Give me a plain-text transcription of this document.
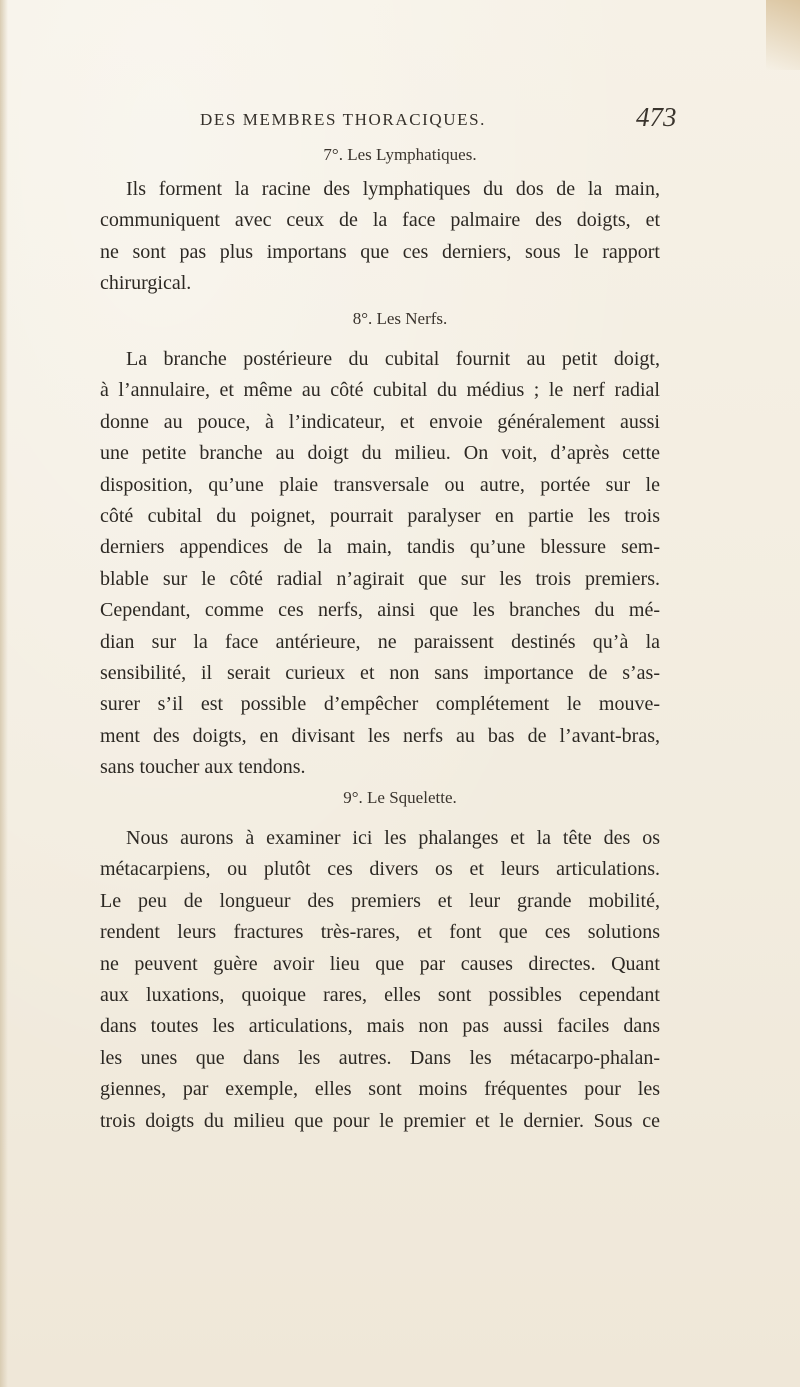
DES MEMBRES THORACIQUES.	473
7°. Les Lymphatiques.
Ils forment la racine des lymphatiques du dos de la main,
communiquent avec ceux de la face palmaire des doigts, et
ne sont pas plus importans que ces derniers, sous le rapport
chirurgical.
8°. Les Nerfs.
La branche postérieure du cubital fournit au petit doigt,
à l’annulaire, et même au côté cubital du médius ; le nerf radial
donne au pouce, à l’indicateur, et envoie généralement aussi
une petite branche au doigt du milieu. On voit, d’après cette
disposition, qu’une plaie transversale ou autre, portée sur le
côté cubital du poignet, pourrait paralyser en partie les trois
derniers appendices de la main, tandis qu’une blessure sem-
blable sur le côté radial n’agirait que sur les trois premiers.
Cependant, comme ces nerfs, ainsi que les branches du mé-
dian sur la face antérieure, ne paraissent destinés qu’à la
sensibilité, il serait curieux et non sans importance de s’as-
surer s’il est possible d’empêcher complétement le mouve-
ment des doigts, en divisant les nerfs au bas de l’avant-bras,
sans toucher aux tendons.
9°. Le Squelette.
Nous aurons à examiner ici les phalanges et la tête des os
métacarpiens, ou plutôt ces divers os et leurs articulations.
Le peu de longueur des premiers et leur grande mobilité,
rendent leurs fractures très-rares, et font que ces solutions
ne peuvent guère avoir lieu que par causes directes. Quant
aux luxations, quoique rares, elles sont possibles cependant
dans toutes les articulations, mais non pas aussi faciles dans
les unes que dans les autres. Dans les métacarpo-phalan-
giennes, par exemple, elles sont moins fréquentes pour les
trois doigts du milieu que pour le premier et le dernier. Sous ce
